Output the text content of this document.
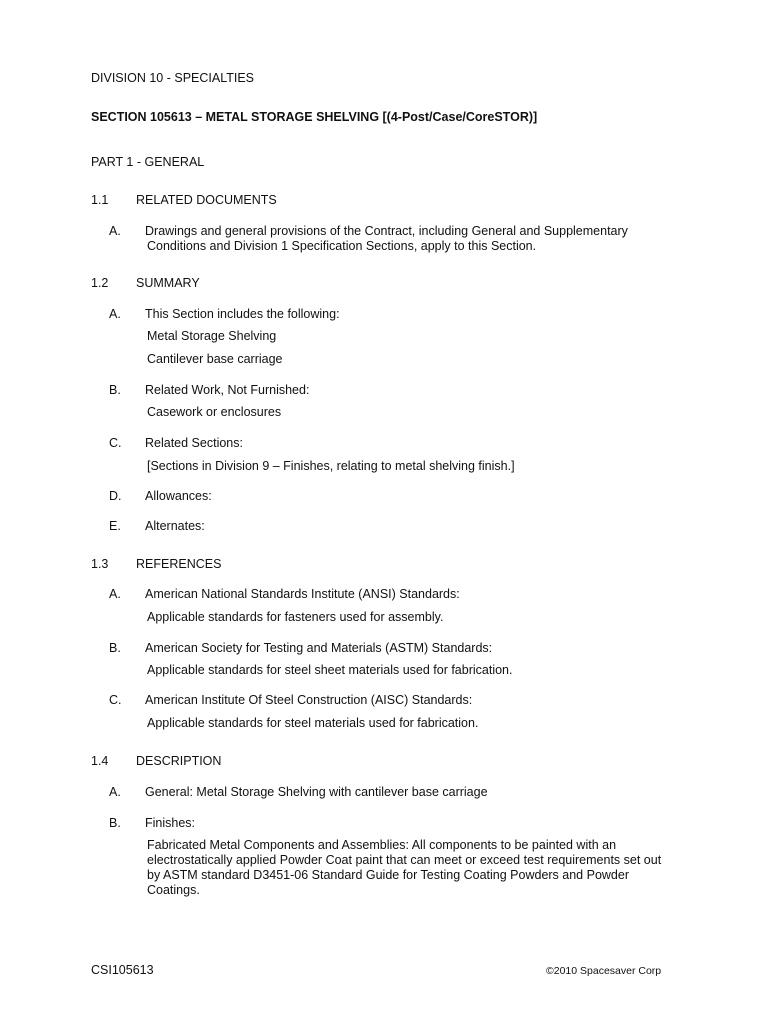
DIVISION 10 - SPECIALTIES
SECTION 105613 – METAL STORAGE SHELVING [(4-Post/Case/CoreSTOR)]
PART 1 - GENERAL
1.1 RELATED DOCUMENTS
A. Drawings and general provisions of the Contract, including General and Supplementary
Conditions and Division 1 Specification Sections, apply to this Section.
1.2 SUMMARY
A. This Section includes the following:
Metal Storage Shelving
Cantilever base carriage
B. Related Work, Not Furnished:
Casework or enclosures
C. Related Sections:
[Sections in Division 9 – Finishes, relating to metal shelving finish.]
D. Allowances:
E. Alternates:
1.3 REFERENCES
A. American National Standards Institute (ANSI) Standards:
Applicable standards for fasteners used for assembly.
B. American Society for Testing and Materials (ASTM) Standards:
Applicable standards for steel sheet materials used for fabrication.
C. American Institute Of Steel Construction (AISC) Standards:
Applicable standards for steel materials used for fabrication.
1.4 DESCRIPTION
A. General: Metal Storage Shelving with cantilever base carriage
B. Finishes:
Fabricated Metal Components and Assemblies: All components to be painted with an
electrostatically applied Powder Coat paint that can meet or exceed test requirements set out
by ASTM standard D3451-06 Standard Guide for Testing Coating Powders and Powder
Coatings.
CSI105613	©2010 Spacesaver Corp
